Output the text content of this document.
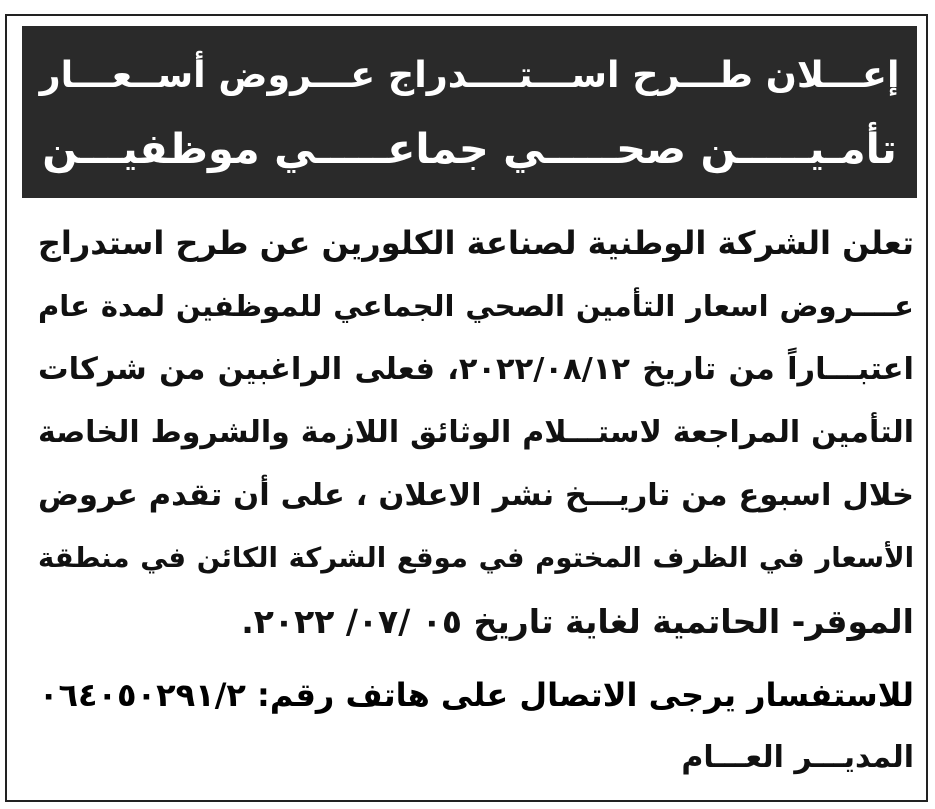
إعـــلان طـــرح اســـتــــدراج عـــروض أســعـــار
تأمـيـــــن صحـــــي جماعـــــي موظفيـــن
تعلن الشركة الوطنية لصناعة الكلورين عن طرح استدراج
عــــروض اسعار التأمين الصحي الجماعي للموظفين لمدة عام
اعتبـــاراً من تاريخ ٢٠٢٢/٠٨/١٢، فعلى الراغبين من شركات
التأمين المراجعة لاستـــلام الوثائق اللازمة والشروط الخاصة
خلال اسبوع من تاريـــخ نشر الاعلان ، على أن تقدم عروض
الأسعار في الظرف المختوم في موقع الشركة الكائن في منطقة
الموقر- الحاتمية لغاية تاريخ ٠٥ /٠٧/ ٢٠٢٢.
للاستفسار يرجى الاتصال على هاتف رقم: ٠٦٤٠٥٠٢٩١/٢
المديـــر العـــام
